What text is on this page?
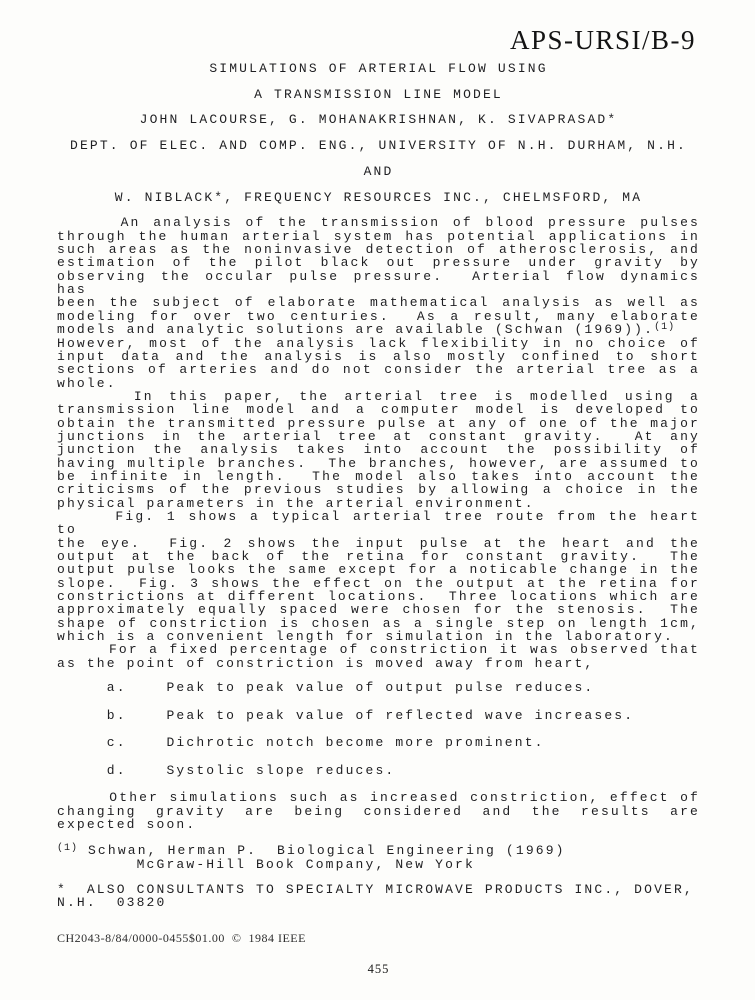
APS-URSI/B-9
SIMULATIONS OF ARTERIAL FLOW USING
A TRANSMISSION LINE MODEL
JOHN LACOURSE, G. MOHANAKRISHNAN, K. SIVAPRASAD*
DEPT. OF ELEC. AND COMP. ENG., UNIVERSITY OF N.H. DURHAM, N.H.
AND
W. NIBLACK*, FREQUENCY RESOURCES INC., CHELMSFORD, MA
An analysis of the transmission of blood pressure pulses
through the human arterial system has potential applications in
such areas as the noninvasive detection of atherosclerosis, and
estimation of the pilot black out pressure under gravity by
observing the occular pulse pressure.  Arterial flow dynamics has
been the subject of elaborate mathematical analysis as well as
modeling for over two centuries.  As a result, many elaborate
models and analytic solutions are available (Schwan (1969)).$^{(1)}$
However, most of the analysis lack flexibility in no choice of
input data and the analysis is also mostly confined to short
sections of arteries and do not consider the arterial tree as a
whole.
In this paper, the arterial tree is modelled using a
transmission line model and a computer model is developed to
obtain the transmitted pressure pulse at any of one of the major
junctions in the arterial tree at constant gravity.  At any
junction the analysis takes into account the possibility of
having multiple branches.  The branches, however, are assumed to
be infinite in length.  The model also takes into account the
criticisms of the previous studies by allowing a choice in the
physical parameters in the arterial environment.
Fig. 1 shows a typical arterial tree route from the heart to
the eye.  Fig. 2 shows the input pulse at the heart and the
output at the back of the retina for constant gravity.  The
output pulse looks the same except for a noticable change in the
slope.  Fig. 3 shows the effect on the output at the retina for
constrictions at different locations.  Three locations which are
approximately equally spaced were chosen for the stenosis.  The
shape of constriction is chosen as a single step on length 1cm,
which is a convenient length for simulation in the laboratory.
For a fixed percentage of constriction it was observed that
as the point of constriction is moved away from heart,
a.    Peak to peak value of output pulse reduces.
b.    Peak to peak value of reflected wave increases.
c.    Dichrotic notch become more prominent.
d.    Systolic slope reduces.
Other simulations such as increased constriction, effect of
changing gravity are being considered and the results are
expected soon.
$^{(1)}$ Schwan, Herman P.  Biological Engineering (1969)
McGraw-Hill Book Company, New York
*  ALSO CONSULTANTS TO SPECIALTY MICROWAVE PRODUCTS INC., DOVER,
N.H.  03820
CH2043-8/84/0000-0455$01.00  ©  1984 IEEE
455
